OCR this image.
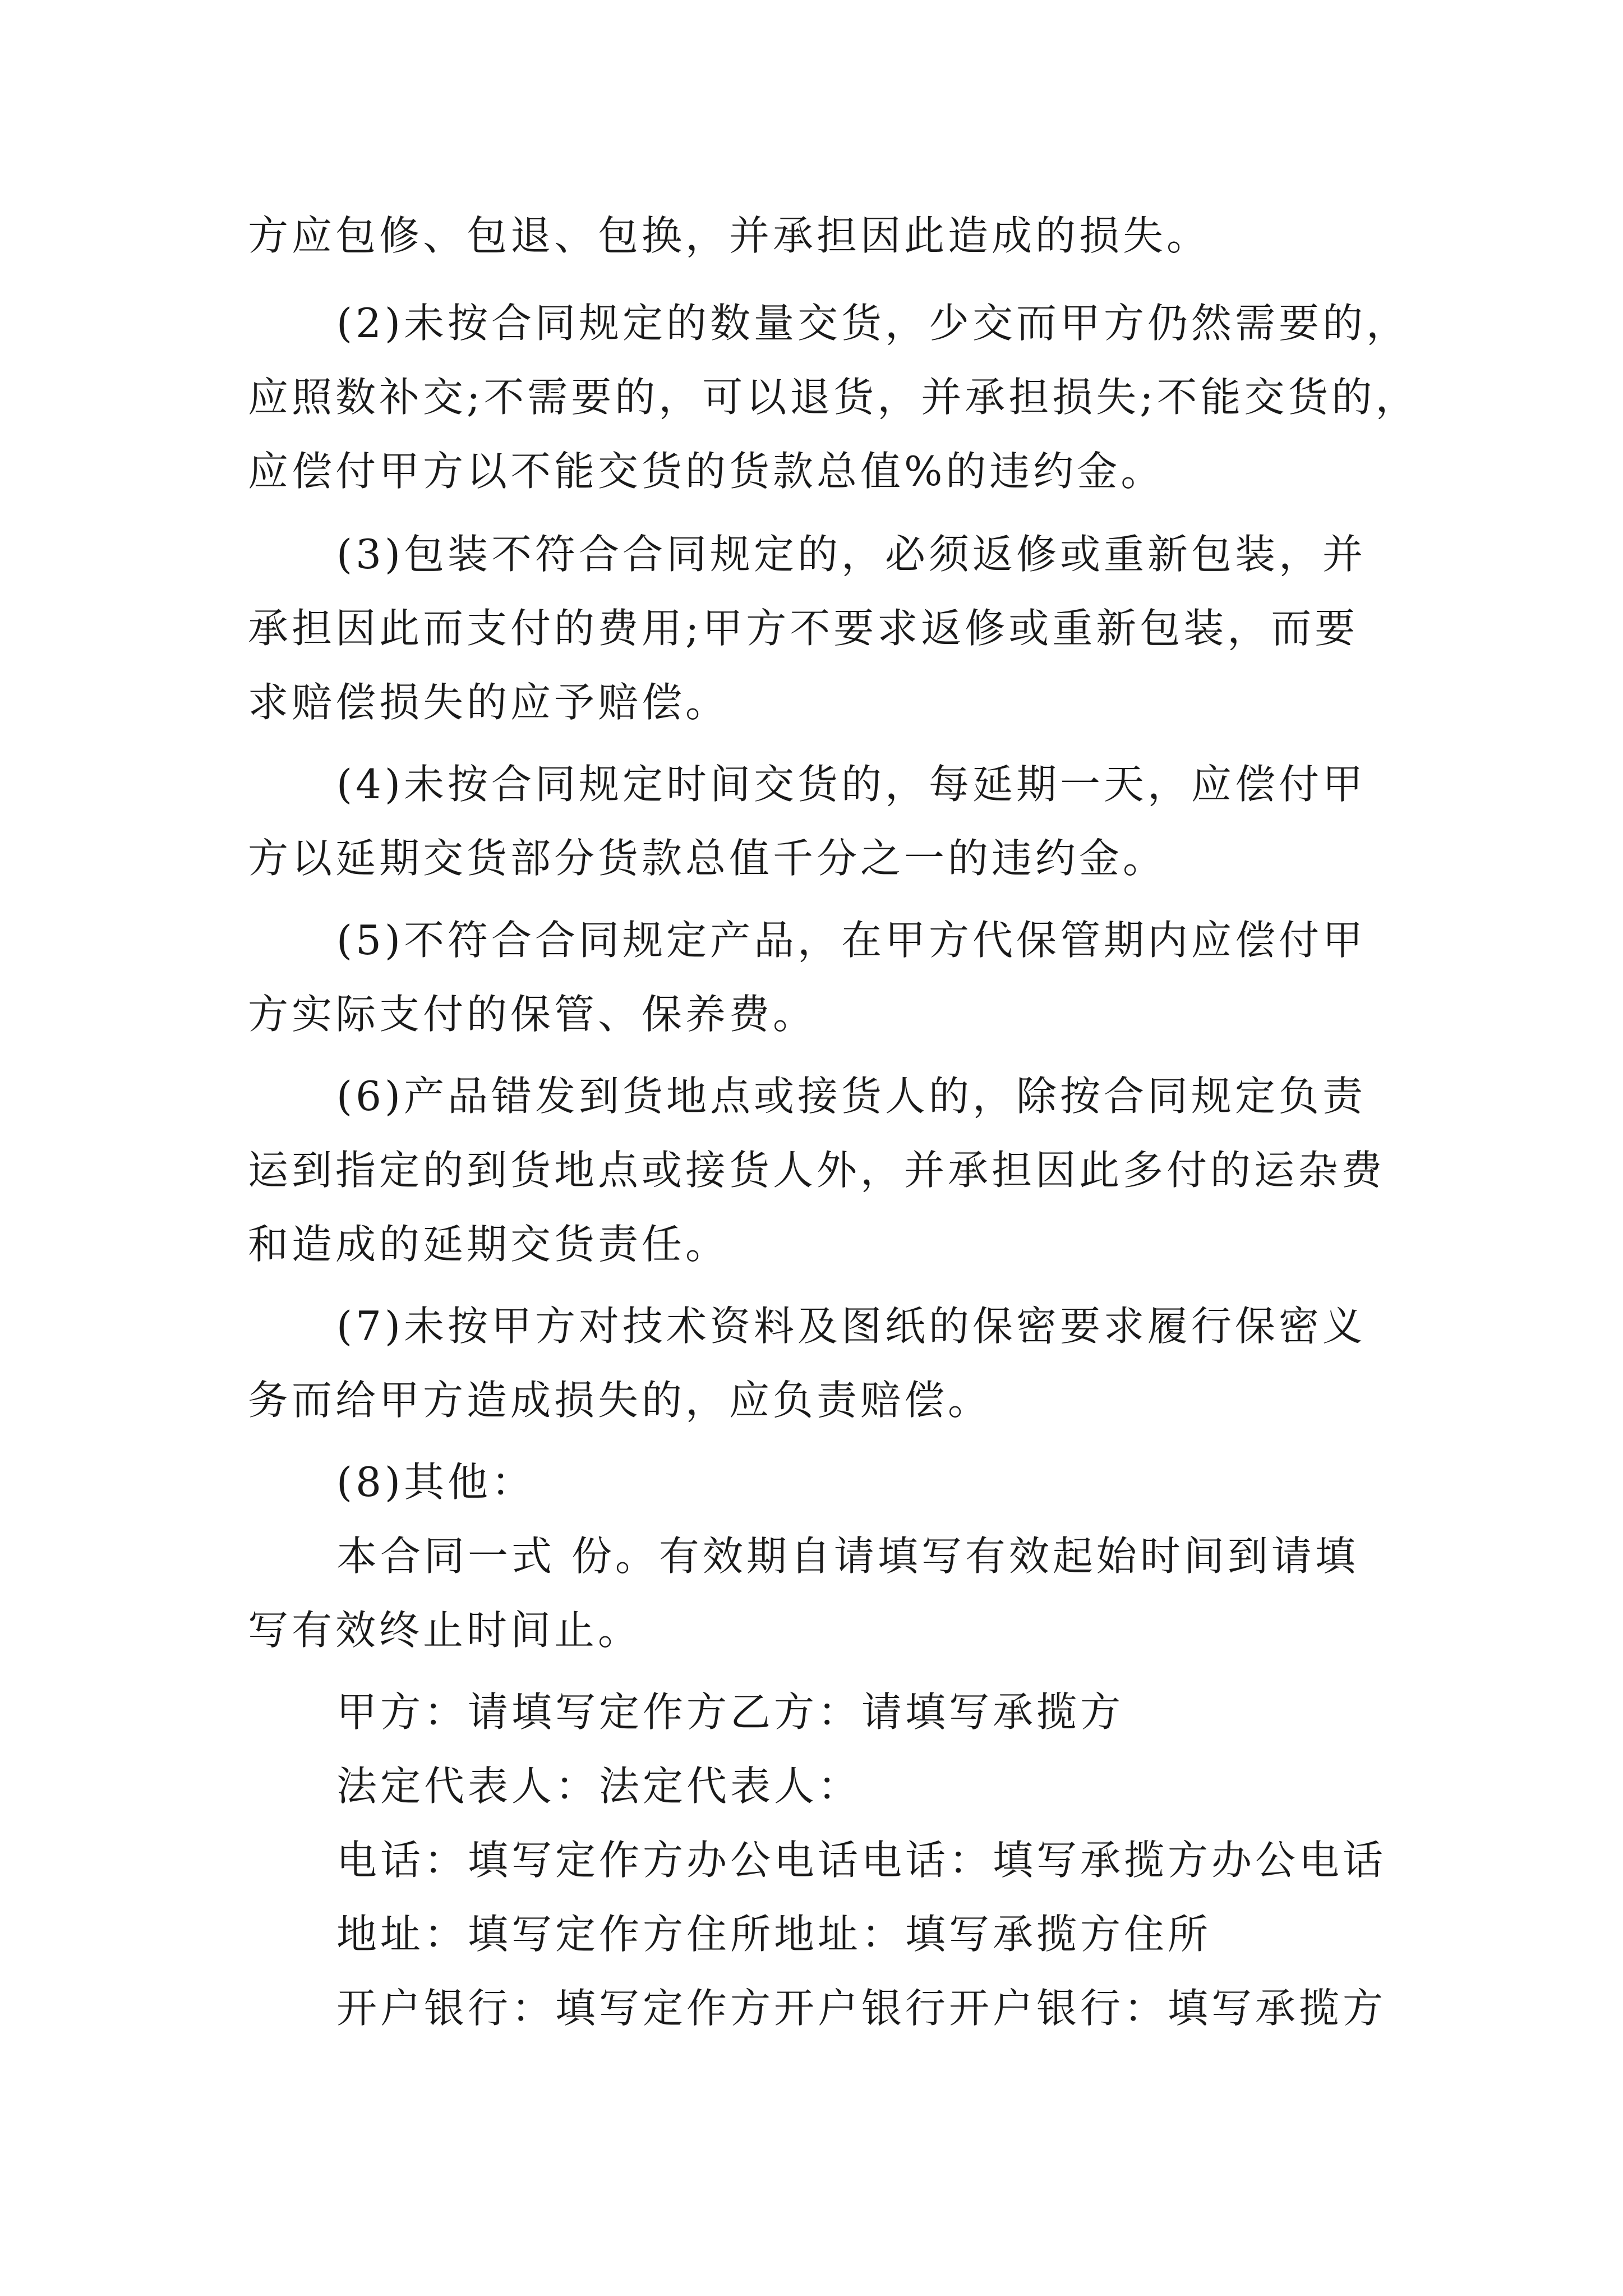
方应包修、包退、包换，并承担因此造成的损失。
(2)未按合同规定的数量交货，少交而甲方仍然需要的，
应照数补交;不需要的，可以退货，并承担损失;不能交货的，
应偿付甲方以不能交货的货款总值%的违约金。
(3)包装不符合合同规定的，必须返修或重新包装，并
承担因此而支付的费用;甲方不要求返修或重新包装，而要
求赔偿损失的应予赔偿。
(4)未按合同规定时间交货的，每延期一天，应偿付甲
方以延期交货部分货款总值千分之一的违约金。
(5)不符合合同规定产品，在甲方代保管期内应偿付甲
方实际支付的保管、保养费。
(6)产品错发到货地点或接货人的，除按合同规定负责
运到指定的到货地点或接货人外，并承担因此多付的运杂费
和造成的延期交货责任。
(7)未按甲方对技术资料及图纸的保密要求履行保密义
务而给甲方造成损失的，应负责赔偿。
(8)其他：
本合同一式 份。有效期自请填写有效起始时间到请填
写有效终止时间止。
甲方：请填写定作方乙方：请填写承揽方
法定代表人：法定代表人：
电话：填写定作方办公电话电话：填写承揽方办公电话
地址：填写定作方住所地址：填写承揽方住所
开户银行：填写定作方开户银行开户银行：填写承揽方
